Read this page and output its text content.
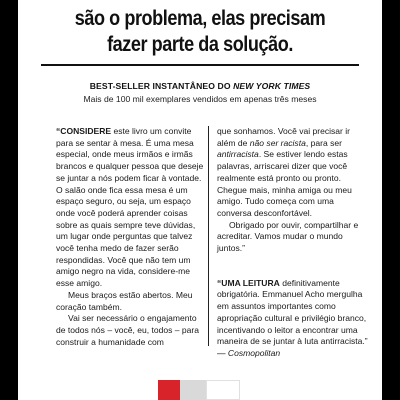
são o problema, elas precisam
fazer parte da solução.
BEST-SELLER INSTANTÂNEO DO NEW YORK TIMES
Mais de 100 mil exemplares vendidos em apenas três meses

“CONSIDERE este livro um convite para se sentar à mesa. É uma mesa especial, onde meus irmãos e irmãs brancos e qualquer pessoa que deseje se juntar a nós podem ficar à vontade. O salão onde fica essa mesa é um espaço seguro, ou seja, um espaço onde você poderá aprender coisas sobre as quais sempre teve dúvidas, um lugar onde perguntas que talvez você tenha medo de fazer serão respondidas. Você que não tem um amigo negro na vida, considere-me esse amigo.

Meus braços estão abertos. Meu coração também.

Vai ser necessário o engajamento de todos nós – você, eu, todos – para construir a humanidade com

que sonhamos. Você vai precisar ir além de não ser racista, para ser antirracista. Se estiver lendo estas palavras, arriscarei dizer que você realmente está pronto ou pronto. Chegue mais, minha amiga ou meu amigo. Tudo começa com uma conversa desconfortável.

Obrigado por ouvir, compartilhar e acreditar. Vamos mudar o mundo juntos.”

“UMA LEITURA definitivamente obrigatória. Emmanuel Acho mergulha em assuntos importantes como apropriação cultural e privilégio branco, incentivando o leitor a encontrar uma maneira de se juntar à luta antirracista.” — Cosmopolitan
